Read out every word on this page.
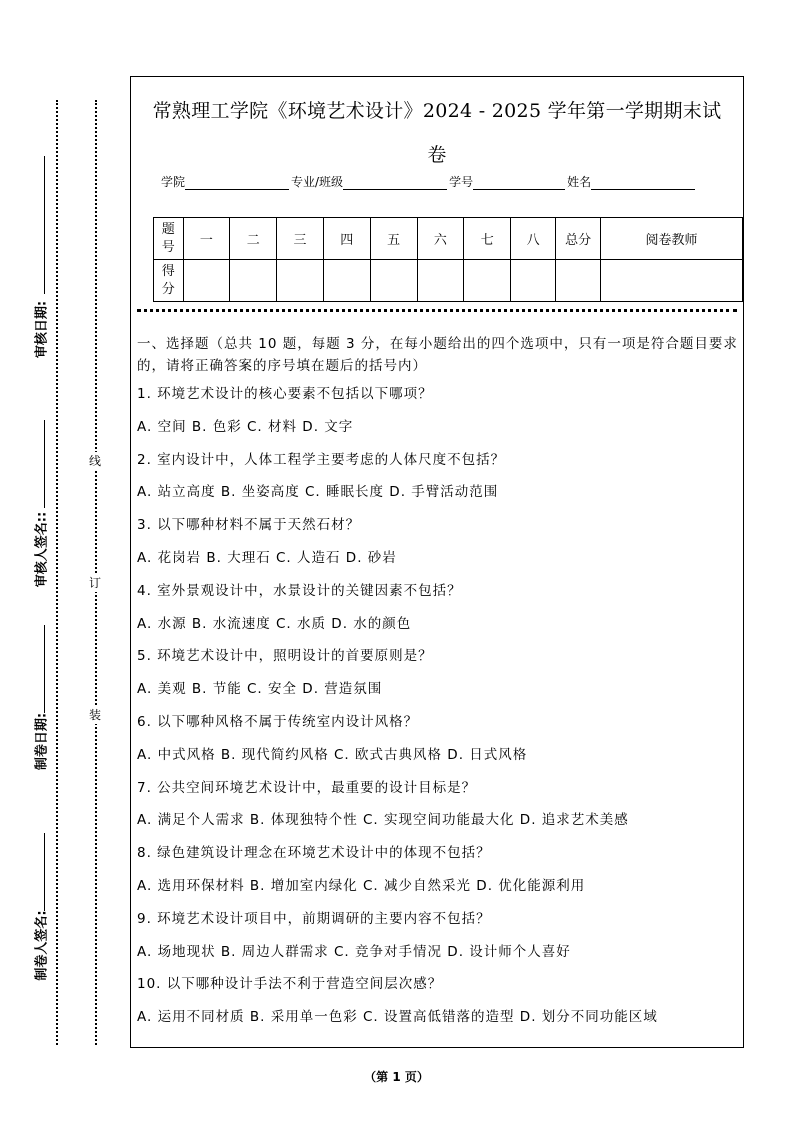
审核日期:
审核人签名::
制卷日期:
制卷人签名:
线
订
装
常熟理工学院《环境艺术设计》2024 - 2025 学年第一学期期末试
卷
学院	专业/班级	学号	姓名
题号	一	二	三	四	五	六	七	八	总分	阅卷教师
得分										

一、选择题（总共 10 题，每题 3 分，在每小题给出的四个选项中，只有一项是符合题目要求的，请将正确答案的序号填在题后的括号内）

1. 环境艺术设计的核心要素不包括以下哪项？

A. 空间 B. 色彩 C. 材料 D. 文字

2. 室内设计中，人体工程学主要考虑的人体尺度不包括？

A. 站立高度 B. 坐姿高度 C. 睡眠长度 D. 手臂活动范围

3. 以下哪种材料不属于天然石材？

A. 花岗岩 B. 大理石 C. 人造石 D. 砂岩

4. 室外景观设计中，水景设计的关键因素不包括？

A. 水源 B. 水流速度 C. 水质 D. 水的颜色

5. 环境艺术设计中，照明设计的首要原则是？

A. 美观 B. 节能 C. 安全 D. 营造氛围

6. 以下哪种风格不属于传统室内设计风格？

A. 中式风格 B. 现代简约风格 C. 欧式古典风格 D. 日式风格

7. 公共空间环境艺术设计中，最重要的设计目标是？

A. 满足个人需求 B. 体现独特个性 C. 实现空间功能最大化 D. 追求艺术美感

8. 绿色建筑设计理念在环境艺术设计中的体现不包括？

A. 选用环保材料 B. 增加室内绿化 C. 减少自然采光 D. 优化能源利用

9. 环境艺术设计项目中，前期调研的主要内容不包括？

A. 场地现状 B. 周边人群需求 C. 竞争对手情况 D. 设计师个人喜好

10. 以下哪种设计手法不利于营造空间层次感？

A. 运用不同材质 B. 采用单一色彩 C. 设置高低错落的造型 D. 划分不同功能区域

（第 1 页）
